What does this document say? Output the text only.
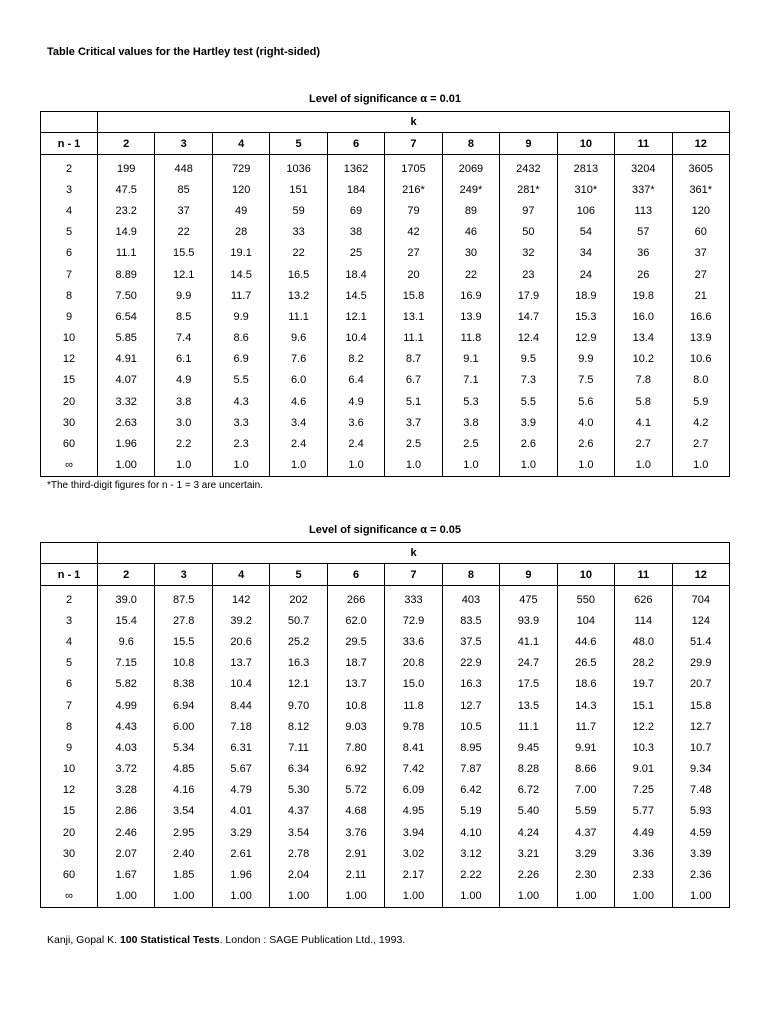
Table Critical values for the Hartley test (right-sided)
Level of significance α = 0.01
	k										
n - 1	2	3	4	5	6	7	8	9	10	11	12
2	199	448	729	1036	1362	1705	2069	2432	2813	3204	3605
3	47.5	85	120	151	184	216*	249*	281*	310*	337*	361*
4	23.2	37	49	59	69	79	89	97	106	113	120
5	14.9	22	28	33	38	42	46	50	54	57	60
6	11.1	15.5	19.1	22	25	27	30	32	34	36	37
7	8.89	12.1	14.5	16.5	18.4	20	22	23	24	26	27
8	7.50	9.9	11.7	13.2	14.5	15.8	16.9	17.9	18.9	19.8	21
9	6.54	8.5	9.9	11.1	12.1	13.1	13.9	14.7	15.3	16.0	16.6
10	5.85	7.4	8.6	9.6	10.4	11.1	11.8	12.4	12.9	13.4	13.9
12	4.91	6.1	6.9	7.6	8.2	8.7	9.1	9.5	9.9	10.2	10.6
15	4.07	4.9	5.5	6.0	6.4	6.7	7.1	7.3	7.5	7.8	8.0
20	3.32	3.8	4.3	4.6	4.9	5.1	5.3	5.5	5.6	5.8	5.9
30	2.63	3.0	3.3	3.4	3.6	3.7	3.8	3.9	4.0	4.1	4.2
60	1.96	2.2	2.3	2.4	2.4	2.5	2.5	2.6	2.6	2.7	2.7
∞	1.00	1.0	1.0	1.0	1.0	1.0	1.0	1.0	1.0	1.0	1.0
*The third-digit figures for n - 1 = 3 are uncertain.
Level of significance α = 0.05
	k										
n - 1	2	3	4	5	6	7	8	9	10	11	12
2	39.0	87.5	142	202	266	333	403	475	550	626	704
3	15.4	27.8	39.2	50.7	62.0	72.9	83.5	93.9	104	114	124
4	9.6	15.5	20.6	25.2	29.5	33.6	37.5	41.1	44.6	48.0	51.4
5	7.15	10.8	13.7	16.3	18.7	20.8	22.9	24.7	26.5	28.2	29.9
6	5.82	8.38	10.4	12.1	13.7	15.0	16.3	17.5	18.6	19.7	20.7
7	4.99	6.94	8.44	9.70	10.8	11.8	12.7	13.5	14.3	15.1	15.8
8	4.43	6.00	7.18	8.12	9.03	9.78	10.5	11.1	11.7	12.2	12.7
9	4.03	5.34	6.31	7.11	7.80	8.41	8.95	9.45	9.91	10.3	10.7
10	3.72	4.85	5.67	6.34	6.92	7.42	7.87	8.28	8.66	9.01	9.34
12	3.28	4.16	4.79	5.30	5.72	6.09	6.42	6.72	7.00	7.25	7.48
15	2.86	3.54	4.01	4.37	4.68	4.95	5.19	5.40	5.59	5.77	5.93
20	2.46	2.95	3.29	3.54	3.76	3.94	4.10	4.24	4.37	4.49	4.59
30	2.07	2.40	2.61	2.78	2.91	3.02	3.12	3.21	3.29	3.36	3.39
60	1.67	1.85	1.96	2.04	2.11	2.17	2.22	2.26	2.30	2.33	2.36
∞	1.00	1.00	1.00	1.00	1.00	1.00	1.00	1.00	1.00	1.00	1.00
Kanji, Gopal K. 100 Statistical Tests. London : SAGE Publication Ltd., 1993.
